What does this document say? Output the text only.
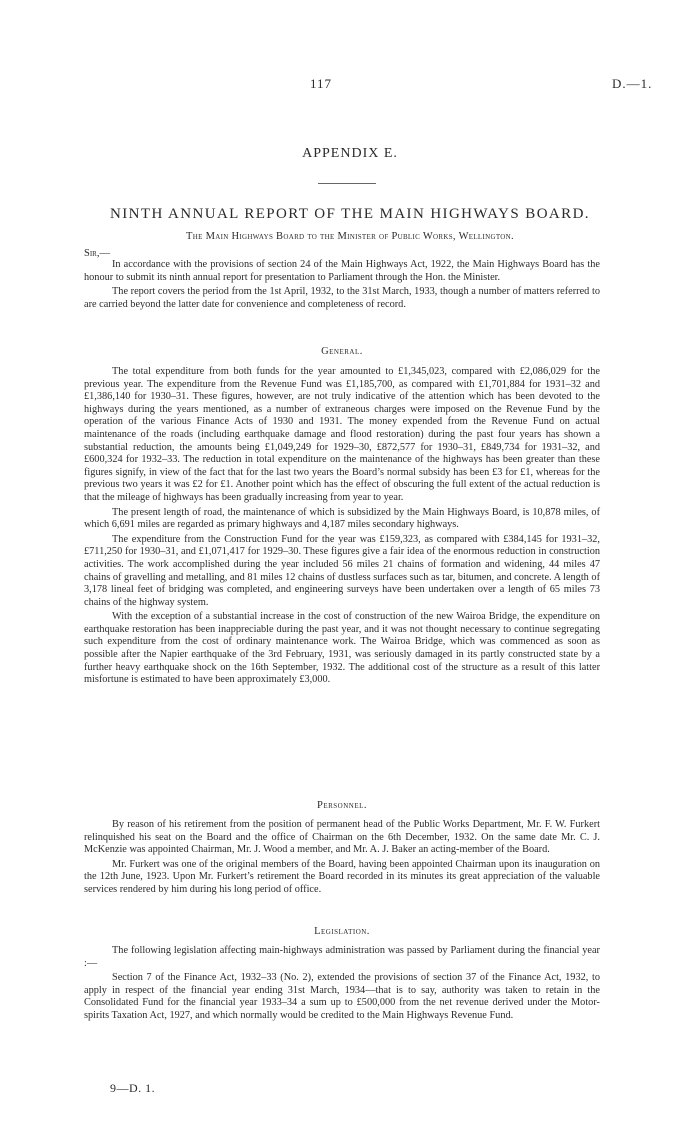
117	D.—1.
APPENDIX E.
NINTH ANNUAL REPORT OF THE MAIN HIGHWAYS BOARD.
The Main Highways Board to the Minister of Public Works, Wellington.
Sir,—

In accordance with the provisions of section 24 of the Main Highways Act, 1922, the Main Highways Board has the honour to submit its ninth annual report for presentation to Parliament through the Hon. the Minister.

The report covers the period from the 1st April, 1932, to the 31st March, 1933, though a number of matters referred to are carried beyond the latter date for convenience and completeness of record.

General.

The total expenditure from both funds for the year amounted to £1,345,023, compared with £2,086,029 for the previous year. The expenditure from the Revenue Fund was £1,185,700, as compared with £1,701,884 for 1931–32 and £1,386,140 for 1930–31. These figures, however, are not truly indicative of the attention which has been devoted to the highways during the years mentioned, as a number of extraneous charges were imposed on the Revenue Fund by the operation of the various Finance Acts of 1930 and 1931. The money expended from the Revenue Fund on actual maintenance of the roads (including earthquake damage and flood restoration) during the past four years has shown a substantial reduction, the amounts being £1,049,249 for 1929–30, £872,577 for 1930–31, £849,734 for 1931–32, and £600,324 for 1932–33. The reduction in total expenditure on the maintenance of the highways has been greater than these figures signify, in view of the fact that for the last two years the Board’s normal subsidy has been £3 for £1, whereas for the previous two years it was £2 for £1. Another point which has the effect of obscuring the full extent of the actual reduction is that the mileage of highways has been gradually increasing from year to year.

The present length of road, the maintenance of which is subsidized by the Main Highways Board, is 10,878 miles, of which 6,691 miles are regarded as primary highways and 4,187 miles secondary highways.

The expenditure from the Construction Fund for the year was £159,323, as compared with £384,145 for 1931–32, £711,250 for 1930–31, and £1,071,417 for 1929–30. These figures give a fair idea of the enormous reduction in construction activities. The work accomplished during the year included 56 miles 21 chains of formation and widening, 44 miles 47 chains of gravelling and metalling, and 81 miles 12 chains of dustless surfaces such as tar, bitumen, and concrete. A length of 3,178 lineal feet of bridging was completed, and engineering surveys have been undertaken over a length of 65 miles 73 chains of the highway system.

With the exception of a substantial increase in the cost of construction of the new Wairoa Bridge, the expenditure on earthquake restoration has been inappreciable during the past year, and it was not thought necessary to continue segregating such expenditure from the cost of ordinary maintenance work. The Wairoa Bridge, which was commenced as soon as possible after the Napier earthquake of the 3rd February, 1931, was seriously damaged in its partly constructed state by a further heavy earthquake shock on the 16th September, 1932. The additional cost of the structure as a result of this latter misfortune is estimated to have been approximately £3,000.

Personnel.

By reason of his retirement from the position of permanent head of the Public Works Department, Mr. F. W. Furkert relinquished his seat on the Board and the office of Chairman on the 6th December, 1932. On the same date Mr. C. J. McKenzie was appointed Chairman, Mr. J. Wood a member, and Mr. A. J. Baker an acting-member of the Board.

Mr. Furkert was one of the original members of the Board, having been appointed Chairman upon its inauguration on the 12th June, 1923. Upon Mr. Furkert’s retirement the Board recorded in its minutes its great appreciation of the valuable services rendered by him during his long period of office.

Legislation.

The following legislation affecting main-highways administration was passed by Parliament during the financial year :—

Section 7 of the Finance Act, 1932–33 (No. 2), extended the provisions of section 37 of the Finance Act, 1932, to apply in respect of the financial year ending 31st March, 1934—that is to say, authority was taken to retain in the Consolidated Fund for the financial year 1933–34 a sum up to £500,000 from the net revenue derived under the Motor-spirits Taxation Act, 1927, and which normally would be credited to the Main Highways Revenue Fund.

9—D. 1.
